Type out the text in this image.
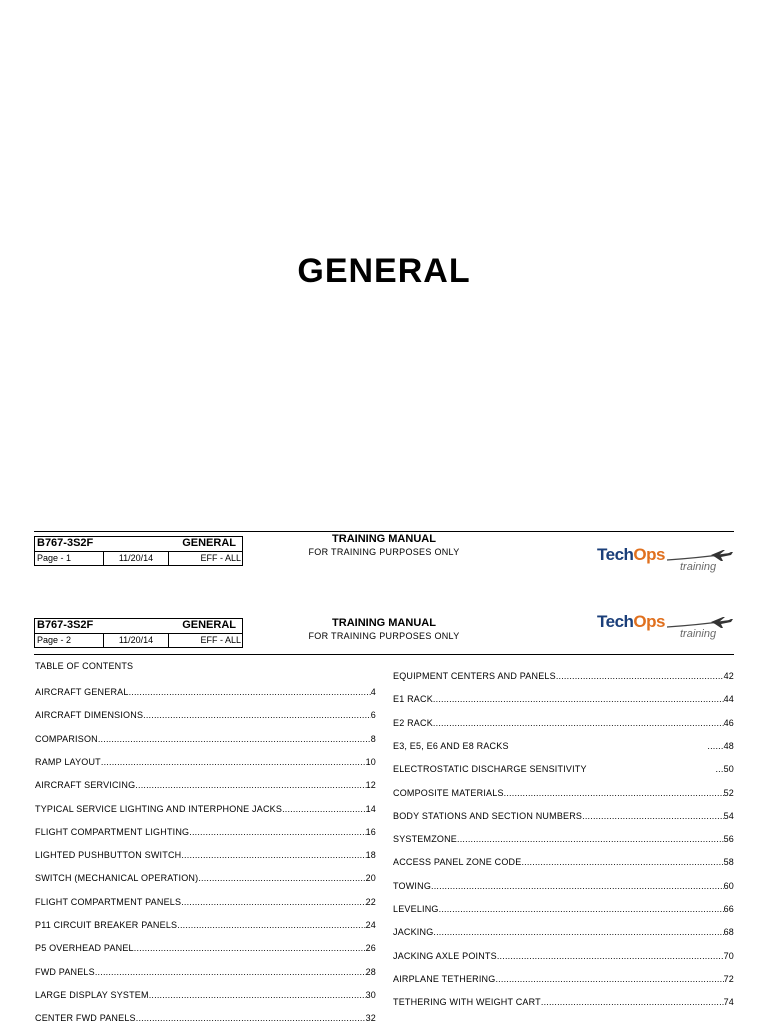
GENERAL
B767-3S2F	GENERAL
Page - 1	11/20/14	EFF - ALL
TRAINING MANUAL
FOR TRAINING PURPOSES ONLY	TechOps
training
B767-3S2F	GENERAL
Page - 2	11/20/14	EFF - ALL
TRAINING MANUAL
FOR TRAINING PURPOSES ONLY
TechOps
training
TABLE OF CONTENTS
AIRCRAFT GENERAL .....	4
AIRCRAFT DIMENSIONS .....	6
COMPARISON .....	8
RAMP LAYOUT .....	10
AIRCRAFT SERVICING .....	12
TYPICAL SERVICE LIGHTING AND INTERPHONE JACKS .....	14
FLIGHT COMPARTMENT LIGHTING .....	16
LIGHTED PUSHBUTTON SWITCH .....	18
SWITCH (MECHANICAL OPERATION) .....	20
FLIGHT COMPARTMENT PANELS .....	22
P11 CIRCUIT BREAKER PANELS .....	24
P5 OVERHEAD PANEL .....	26
FWD PANELS .....	28
LARGE DISPLAY SYSTEM .....	30
CENTER FWD PANELS .....	32
EQUIPMENT CENTERS AND PANELS .....	42
E1 RACK .....	44
E2 RACK .....	46
E3, E5, E6 AND E8 RACKS ......	48
ELECTROSTATIC DISCHARGE SENSITIVITY ...	50
COMPOSITE MATERIALS .....	52
BODY STATIONS AND SECTION NUMBERS .....	54
SYSTEMZONE .....	56
ACCESS PANEL ZONE CODE .....	58
TOWING .....	60
LEVELING .....	66
JACKING .....	68
JACKING AXLE POINTS .....	70
AIRPLANE TETHERING .....	72
TETHERING WITH WEIGHT CART .....	74
